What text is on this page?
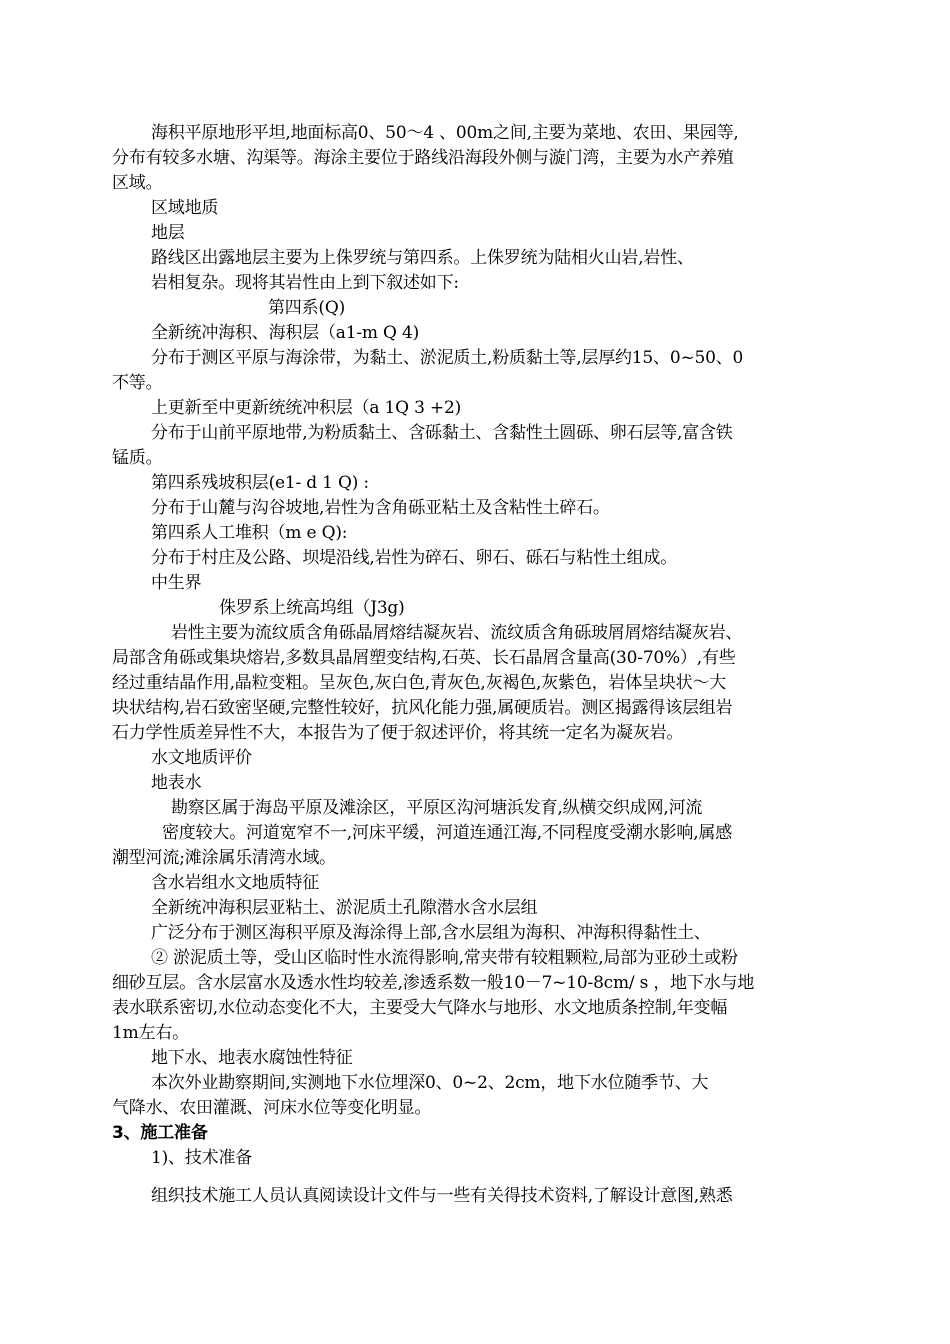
海积平原地形平坦,地面标高0、50～4 、00m之间,主要为菜地、农田、果园等,
分布有较多水塘、沟渠等。海涂主要位于路线沿海段外侧与漩门湾，主要为水产养殖
区域。
区域地质
地层
路线区出露地层主要为上侏罗统与第四系。上侏罗统为陆相火山岩,岩性、
岩相复杂。现将其岩性由上到下叙述如下:
第四系(Q)
全新统冲海积、海积层（a1-m Q 4)
分布于测区平原与海涂带，为黏土、淤泥质土,粉质黏土等,层厚约15、0~50、0
不等。
上更新至中更新统统冲积层（a 1Q 3 +2)
分布于山前平原地带,为粉质黏土、含砾黏土、含黏性土圆砾、卵石层等,富含铁
锰质。
第四系残坡积层(e1- d 1 Q) :
分布于山麓与沟谷坡地,岩性为含角砾亚粘土及含粘性土碎石。
第四系人工堆积（m e Q):
分布于村庄及公路、坝堤沿线,岩性为碎石、卵石、砾石与粘性土组成。
中生界
侏罗系上统高坞组（J3g)
岩性主要为流纹质含角砾晶屑熔结凝灰岩、流纹质含角砾玻屑屑熔结凝灰岩、
局部含角砾或集块熔岩,多数具晶屑塑变结构,石英、长石晶屑含量高(30-70%）,有些
经过重结晶作用,晶粒变粗。呈灰色,灰白色,青灰色,灰褐色,灰紫色，岩体呈块状～大
块状结构,岩石致密坚硬,完整性较好，抗风化能力强,属硬质岩。测区揭露得该层组岩
石力学性质差异性不大，本报告为了便于叙述评价，将其统一定名为凝灰岩。
水文地质评价
地表水
勘察区属于海岛平原及滩涂区，平原区沟河塘浜发育,纵横交织成网,河流
密度较大。河道宽窄不一,河床平缓，河道连通江海,不同程度受潮水影响,属感
潮型河流;滩涂属乐清湾水域。
含水岩组水文地质特征
全新统冲海积层亚粘土、淤泥质土孔隙潜水含水层组
广泛分布于测区海积平原及海涂得上部,含水层组为海积、冲海积得黏性土、
② 淤泥质土等，受山区临时性水流得影响,常夹带有较粗颗粒,局部为亚砂土或粉
细砂互层。含水层富水及透水性均较差,渗透系数一般10－7~10-8cm/ s ，地下水与地
表水联系密切,水位动态变化不大，主要受大气降水与地形、水文地质条控制,年变幅
1m左右。
地下水、地表水腐蚀性特征
本次外业勘察期间,实测地下水位埋深0、0~2、2cm，地下水位随季节、大
气降水、农田灌溉、河床水位等变化明显。
3、施工准备
1)、技术准备
组织技术施工人员认真阅读设计文件与一些有关得技术资料,了解设计意图,熟悉
